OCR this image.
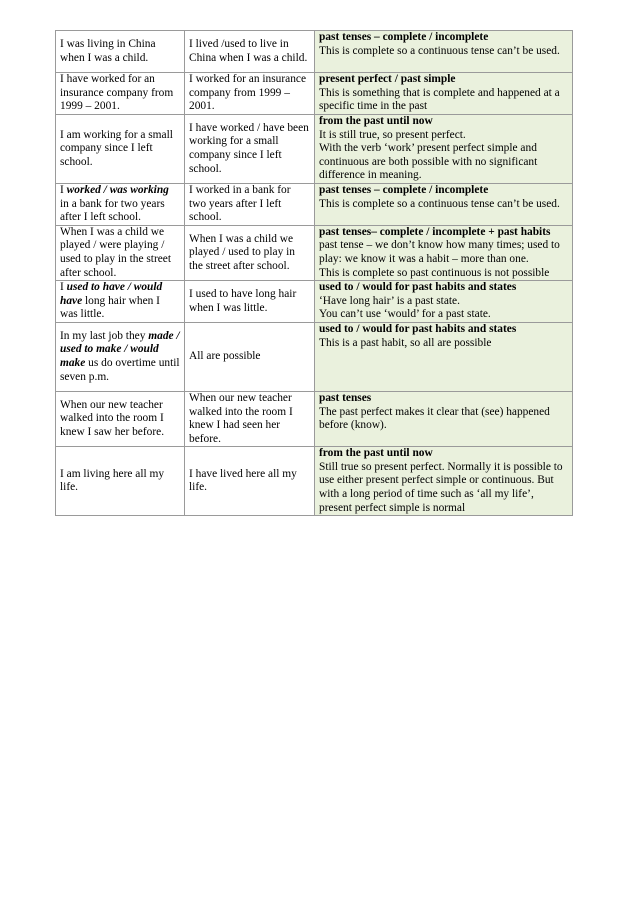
I was living in China when I was a child.	I lived /used to live in China when I was a child.	past tenses – complete / incomplete
This is complete so a continuous tense can’t be used.

I have worked for an insurance company from 1999 – 2001.	I worked for an insurance company from 1999 – 2001.	present perfect / past simple
This is something that is complete and happened at a specific time in the past

I am working for a small company since I left school.	I have worked / have been working for a small company since I left school.	from the past until now
It is still true, so present perfect.
With the verb ‘work’ present perfect simple and continuous are both possible with no significant difference in meaning.

I worked / was working in a bank for two years after I left school.	I worked in a bank for two years after I left school.	past tenses – complete / incomplete
This is complete so a continuous tense can’t be used.

When I was a child we played / were playing / used to play in the street after school.	When I was a child we played / used to play in the street after school.	past tenses– complete / incomplete + past habits
past tense – we don’t know how many times; used to play: we know it was a habit – more than one.
This is complete so past continuous is not possible

I used to have / would have long hair when I was little.	I used to have long hair when I was little.	used to / would for past habits and states
‘Have long hair’ is a past state.
You can’t use ‘would’ for a past state.

In my last job they made / used to make / would make us do overtime until seven p.m.	All are possible	used to / would for past habits and states
This is a past habit, so all are possible

When our new teacher walked into the room I knew I saw her before.	When our new teacher walked into the room I knew I had seen her before.	past tenses
The past perfect makes it clear that (see) happened before (know).

I am living here all my life.	I have lived here all my life.	from the past until now
Still true so present perfect. Normally it is possible to use either present perfect simple or continuous. But with a long period of time such as ‘all my life’, present perfect simple is normal
